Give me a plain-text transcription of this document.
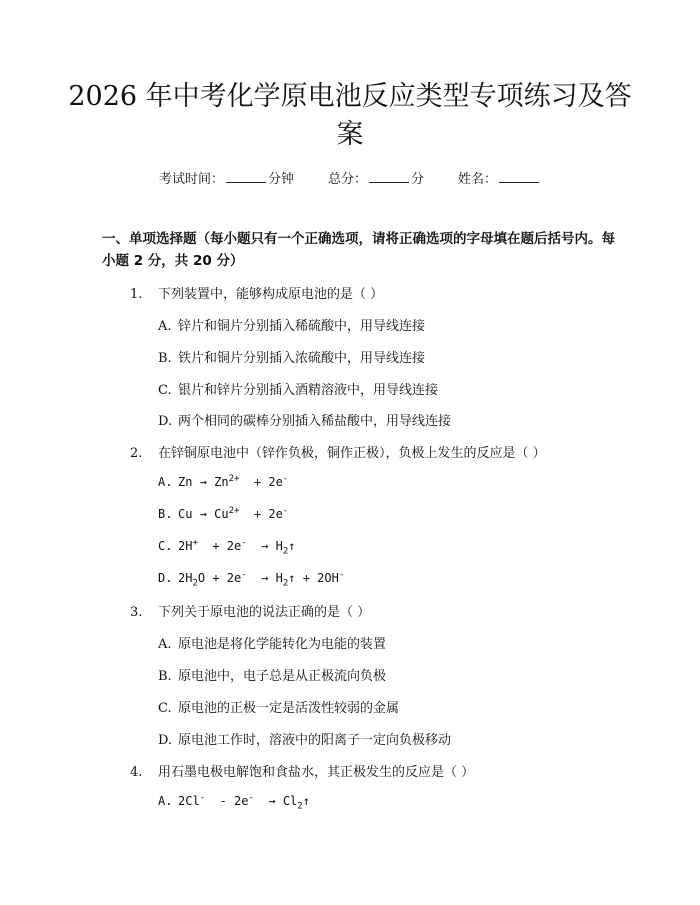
2026 年中考化学原电池反应类型专项练习及答案
考试时间：	分钟	总分：	分	姓名：
一、单项选择题（每小题只有一个正确选项，请将正确选项的字母填在题后括号内。每小题 2 分，共 20 分）
1. 下列装置中，能够构成原电池的是（ ）
A. 锌片和铜片分别插入稀硫酸中，用导线连接
B. 铁片和铜片分别插入浓硫酸中，用导线连接
C. 银片和锌片分别插入酒精溶液中，用导线连接
D. 两个相同的碳棒分别插入稀盐酸中，用导线连接
2. 在锌铜原电池中（锌作负极，铜作正极），负极上发生的反应是（ ）
A. $Zn \to Zn^{2+} + 2e^-$
B. $Cu \to Cu^{2+} + 2e^-$
C. $2H^+ + 2e^- \to H_2↑$
D. $2H_2O + 2e^-$ → $H_2↑ + 2OH^-$
3. 下列关于原电池的说法正确的是（ ）
A. 原电池是将化学能转化为电能的装置
B. 原电池中，电子总是从正极流向负极
C. 原电池的正极一定是活泼性较弱的金属
D. 原电池工作时，溶液中的阳离子一定向负极移动
4. 用石墨电极电解饱和食盐水，其正极发生的反应是（ ）
A. $2Cl^- - 2e^- \to Cl_2↑$
